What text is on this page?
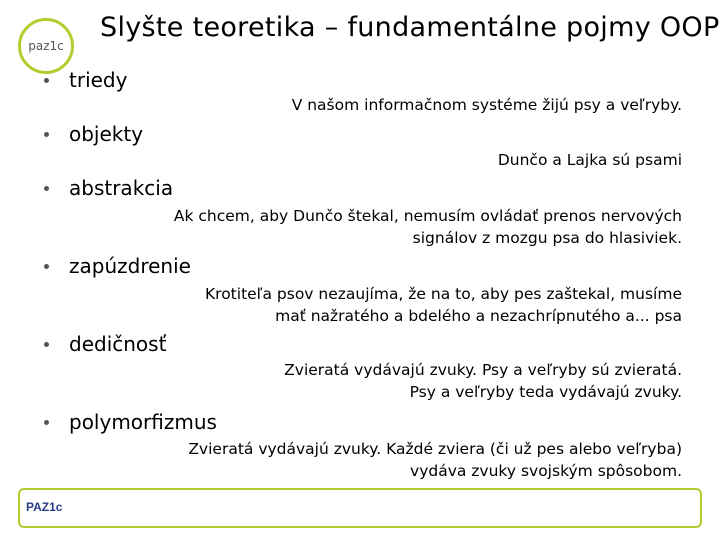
paz1c
Slyšte teoretika – fundamentálne pojmy OOP
triedy
V našom informačnom systéme žijú psy a veľryby.
objekty
Dunčo a Lajka sú psami
abstrakcia
Ak chcem, aby Dunčo štekal, nemusím ovládať prenos nervových
signálov z mozgu psa do hlasiviek.
zapúzdrenie
Krotiteľa psov nezaujíma, že na to, aby pes zaštekal, musíme
mať nažratého a bdelého a nezachrípnutého a... psa
dedičnosť
Zvieratá vydávajú zvuky. Psy a veľryby sú zvieratá.
Psy a veľryby teda vydávajú zvuky.
polymorfizmus
Zvieratá vydávajú zvuky. Každé zviera (či už pes alebo veľryba)
vydáva zvuky svojským spôsobom.
PAZ1c
